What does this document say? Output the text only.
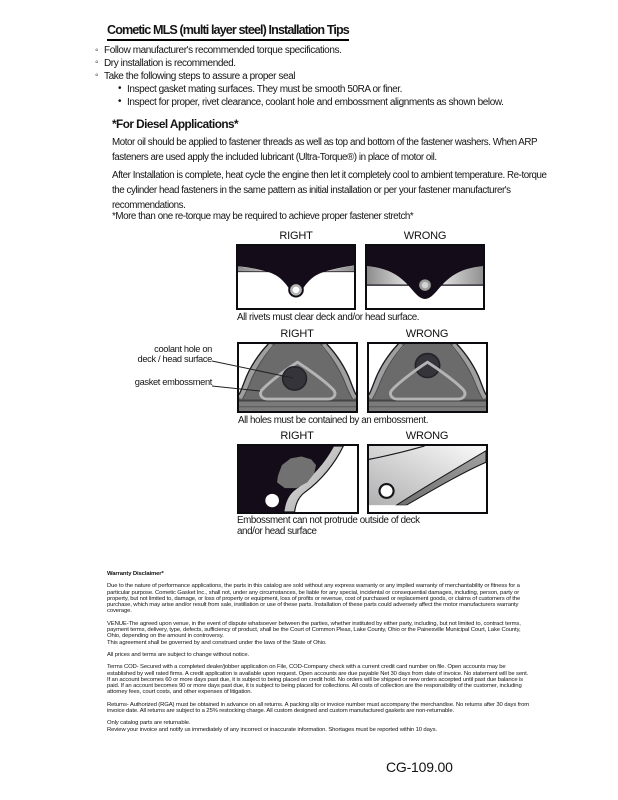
Cometic MLS (multi layer steel) Installation Tips
◦ Follow manufacturer's recommended torque specifications.
◦ Dry installation is recommended.
◦ Take the following steps to assure a proper seal
• Inspect gasket mating surfaces. They must be smooth 50RA or finer.
• Inspect for proper, rivet clearance, coolant hole and embossment alignments as shown below.
*For Diesel Applications*
Motor oil should be applied to fastener threads as well as top and bottom of the fastener washers. When ARP fasteners are used apply the included lubricant (Ultra-Torque®) in place of motor oil.
After Installation is complete, heat cycle the engine then let it completely cool to ambient temperature. Re-torque the cylinder head fasteners in the same pattern as initial installation or per your fastener manufacturer's recommendations.
*More than one re-torque may be required to achieve proper fastener stretch*
RIGHT	WRONG
All rivets must clear deck and/or head surface.
RIGHT	WRONG
coolant hole on
deck / head surface
gasket embossment
All holes must be contained by an embossment.
RIGHT	WRONG
Embossment can not protrude outside of deck
and/or head surface
Warranty Disclaimer*
Due to the nature of performance applications, the parts in this catalog are sold without any express warranty or any implied warranty of merchantability or fitness for a particular purpose. Cometic Gasket Inc., shall not, under any circumstances, be liable for any special, incidental or consequential damages, including, person, party or property, but not limited to, damage, or loss of property or equipment, loss of profits or revenue, cost of purchased or replacement goods, or claims of customers of the purchase, which may arise and/or result from sale, instillation or use of these parts. Installation of these parts could adversely affect the motor manufacturers warranty coverage.
VENUE-The agreed upon venue, in the event of dispute whatsoever between the parties, whether instituted by either party, including, but not limited to, contract terms, payment terms, delivery, type, defects, sufficiency of product, shall be the Court of Common Pleas, Lake County, Ohio or the Painesville Municipal Court, Lake County, Ohio, depending on the amount in controversy.
This agreement shall be governed by and construed under the laws of the State of Ohio.
All prices and terms are subject to change without notice.
Terms COD- Secured with a completed dealer/jobber application on File, COD-Company check with a current credit card number on file. Open accounts may be established by well rated firms. A credit application is available upon request. Open accounts are due payable Net 30 days from date of invoice. No statement will be sent. If an account becomes 60 or more days past due, it is subject to being placed on credit hold. No orders will be shipped or new orders accepted until past due balance is paid. If an account becomes 90 or more days past due, it is subject to being placed for collections. All costs of collection are the responsibility of the customer, including attorney fees, court costs, and other expenses of litigation.
Returns- Authorized (RGA) must be obtained in advance on all returns. A packing slip or invoice number must accompany the merchandise. No returns after 30 days from invoice date. All returns are subject to a 25% restocking charge. All custom designed and custom manufactured gaskets are non-returnable.
Only catalog parts are returnable.
Review your invoice and notify us immediately of any incorrect or inaccurate information. Shortages must be reported within 10 days.
CG-109.00
